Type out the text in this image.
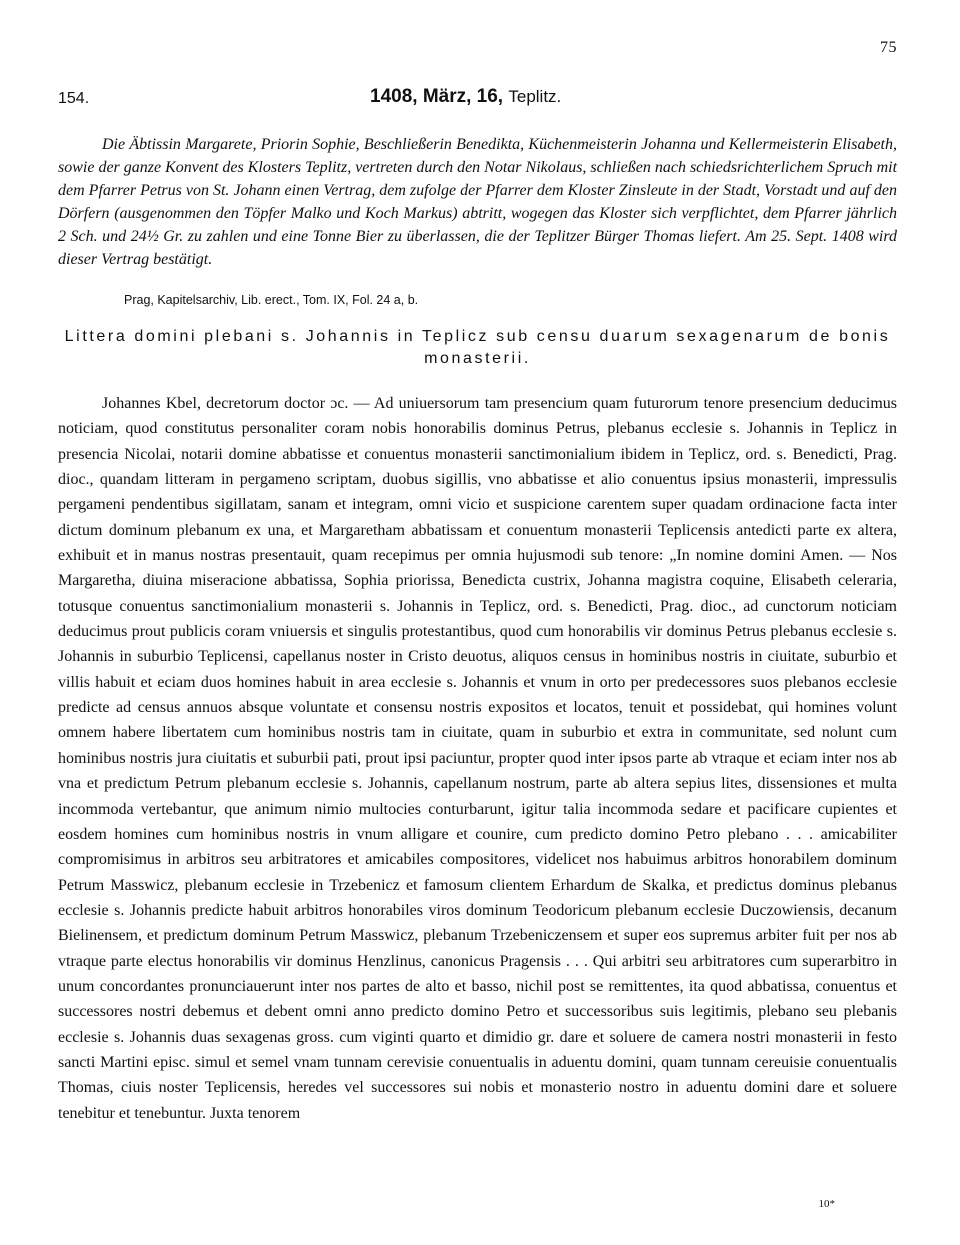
75
154.	1408, März, 16, Teplitz.

Die Äbtissin Margarete, Priorin Sophie, Beschließerin Benedikta, Küchenmeisterin Johanna und Kellermeisterin Elisabeth, sowie der ganze Konvent des Klosters Teplitz, vertreten durch den Notar Nikolaus, schließen nach schiedsrichterlichem Spruch mit dem Pfarrer Petrus von St. Johann einen Vertrag, dem zufolge der Pfarrer dem Kloster Zinsleute in der Stadt, Vorstadt und auf den Dörfern (ausgenommen den Töpfer Malko und Koch Markus) abtritt, wogegen das Kloster sich verpflichtet, dem Pfarrer jährlich 2 Sch. und 24½ Gr. zu zahlen und eine Tonne Bier zu überlassen, die der Teplitzer Bürger Thomas liefert. Am 25. Sept. 1408 wird dieser Vertrag bestätigt.

Prag, Kapitelsarchiv, Lib. erect., Tom. IX, Fol. 24 a, b.
Littera domini plebani s. Johannis in Teplicz sub censu duarum sexagenarum de bonis monasterii.

Johannes Kbel, decretorum doctor ɔc. — Ad uniuersorum tam presencium quam futurorum tenore presencium deducimus noticiam, quod constitutus personaliter coram nobis honorabilis dominus Petrus, plebanus ecclesie s. Johannis in Teplicz in presencia Nicolai, notarii domine abbatisse et conuentus monasterii sanctimonialium ibidem in Teplicz, ord. s. Benedicti, Prag. dioc., quandam litteram in pergameno scriptam, duobus sigillis, vno abbatisse et alio conuentus ipsius monasterii, impressulis pergameni pendentibus sigillatam, sanam et integram, omni vicio et suspicione carentem super quadam ordinacione facta inter dictum dominum plebanum ex una, et Margaretham abbatissam et conuentum monasterii Teplicensis antedicti parte ex altera, exhibuit et in manus nostras presentauit, quam recepimus per omnia hujusmodi sub tenore: „In nomine domini Amen. — Nos Margaretha, diuina miseracione abbatissa, Sophia priorissa, Benedicta custrix, Johanna magistra coquine, Elisabeth celeraria, totusque conuentus sanctimonialium monasterii s. Johannis in Teplicz, ord. s. Benedicti, Prag. dioc., ad cunctorum noticiam deducimus prout publicis coram vniuersis et singulis protestantibus, quod cum honorabilis vir dominus Petrus plebanus ecclesie s. Johannis in suburbio Teplicensi, capellanus noster in Cristo deuotus, aliquos census in hominibus nostris in ciuitate, suburbio et villis habuit et eciam duos homines habuit in area ecclesie s. Johannis et vnum in orto per predecessores suos plebanos ecclesie predicte ad census annuos absque voluntate et consensu nostris expositos et locatos, tenuit et possidebat, qui homines volunt omnem habere libertatem cum hominibus nostris tam in ciuitate, quam in suburbio et extra in communitate, sed nolunt cum hominibus nostris jura ciuitatis et suburbii pati, prout ipsi paciuntur, propter quod inter ipsos parte ab vtraque et eciam inter nos ab vna et predictum Petrum plebanum ecclesie s. Johannis, capellanum nostrum, parte ab altera sepius lites, dissensiones et multa incommoda vertebantur, que animum nimio multocies conturbarunt, igitur talia incommoda sedare et pacificare cupientes et eosdem homines cum hominibus nostris in vnum alligare et counire, cum predicto domino Petro plebano . . . amicabiliter compromisimus in arbitros seu arbitratores et amicabiles compositores, videlicet nos habuimus arbitros honorabilem dominum Petrum Masswicz, plebanum ecclesie in Trzebenicz et famosum clientem Erhardum de Skalka, et predictus dominus plebanus ecclesie s. Johannis predicte habuit arbitros honorabiles viros dominum Teodoricum plebanum ecclesie Duczowiensis, decanum Bielinensem, et predictum dominum Petrum Masswicz, plebanum Trzebeniczensem et super eos supremus arbiter fuit per nos ab vtraque parte electus honorabilis vir dominus Henzlinus, canonicus Pragensis . . . Qui arbitri seu arbitratores cum superarbitro in unum concordantes pronunciauerunt inter nos partes de alto et basso, nichil post se remittentes, ita quod abbatissa, conuentus et successores nostri debemus et debent omni anno predicto domino Petro et successoribus suis legitimis, plebano seu plebanis ecclesie s. Johannis duas sexagenas gross. cum viginti quarto et dimidio gr. dare et soluere de camera nostri monasterii in festo sancti Martini episc. simul et semel vnam tunnam cerevisie conuentualis in aduentu domini, quam tunnam cereuisie conuentualis Thomas, ciuis noster Teplicensis, heredes vel successores sui nobis et monasterio nostro in aduentu domini dare et soluere tenebitur et tenebuntur. Juxta tenorem

10*
